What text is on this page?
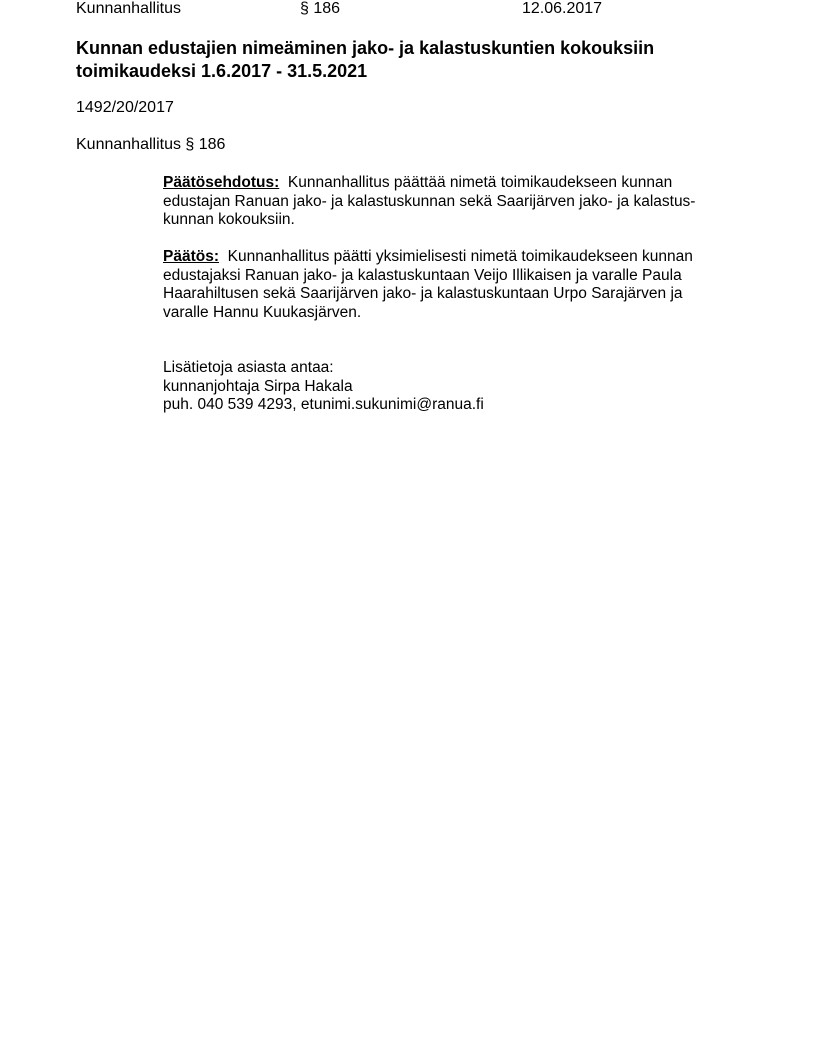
Kunnanhallitus	§ 186	12.06.2017
Kunnan edustajien nimeäminen jako- ja kalastuskuntien kokouksiin toimikaudeksi 1.6.2017 - 31.5.2021
1492/20/2017
Kunnanhallitus § 186

Päätösehdotus: Kunnanhallitus päättää nimetä toimikaudekseen kunnan edustajan Ranuan jako- ja kalastuskunnan sekä Saarijärven jako- ja kalastus-kunnan kokouksiin.

Päätös: Kunnanhallitus päätti yksimielisesti nimetä toimikaudekseen kunnan edustajaksi Ranuan jako- ja kalastuskuntaan Veijo Illikaisen ja varalle Paula Haarahiltusen sekä Saarijärven jako- ja kalastuskuntaan Urpo Sarajärven ja varalle Hannu Kuukasjärven.

Lisätietoja asiasta antaa:
kunnanjohtaja Sirpa Hakala
puh. 040 539 4293, etunimi.sukunimi@ranua.fi
